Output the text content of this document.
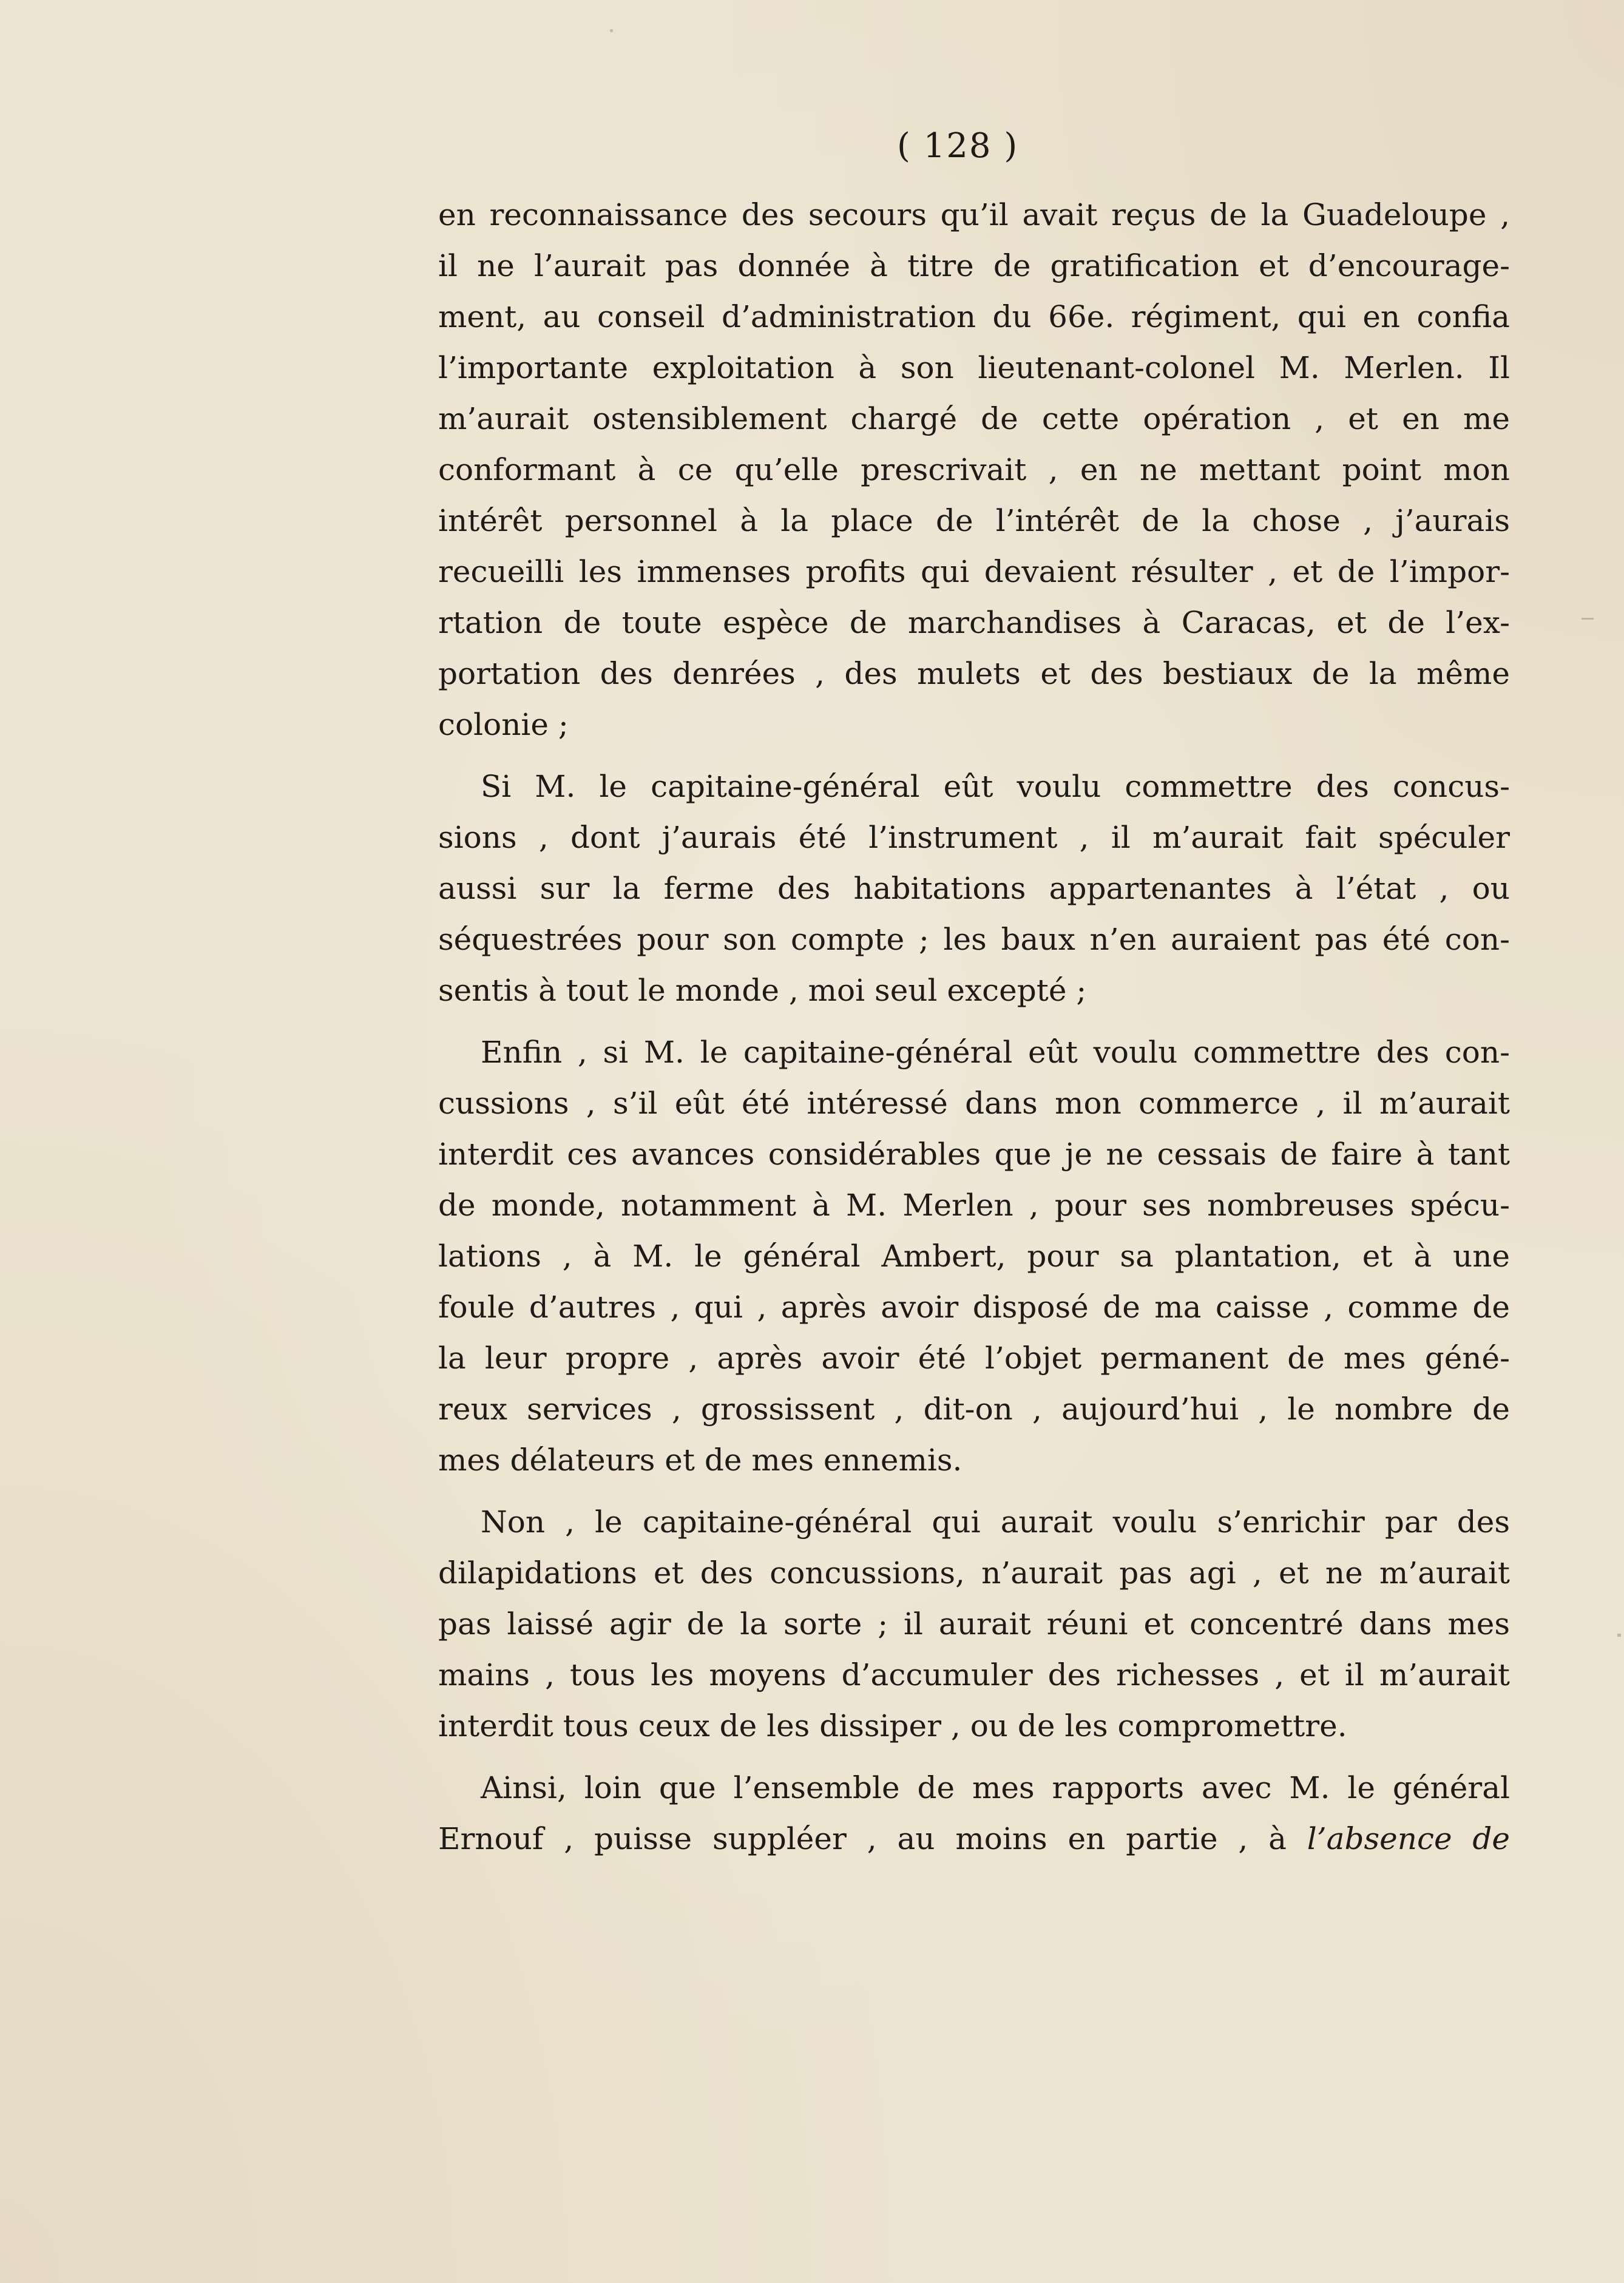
( 128 )
en reconnaissance des secours qu’il avait reçus de la Guadeloupe ,
il ne l’aurait pas donnée à titre de gratification et d’encourage-
ment, au conseil d’administration du 66e. régiment, qui en confia
l’importante exploitation à son lieutenant-colonel M. Merlen. Il
m’aurait ostensiblement chargé de cette opération , et en me
conformant à ce qu’elle prescrivait , en ne mettant point mon
intérêt personnel à la place de l’intérêt de la chose , j’aurais
recueilli les immenses profits qui devaient résulter , et de l’impor-
rtation de toute espèce de marchandises à Caracas, et de l’ex-
portation des denrées , des mulets et des bestiaux de la même
colonie ;
Si M. le capitaine-général eût voulu commettre des concus-
sions , dont j’aurais été l’instrument , il m’aurait fait spéculer
aussi sur la ferme des habitations appartenantes à l’état , ou
séquestrées pour son compte ; les baux n’en auraient pas été con-
sentis à tout le monde , moi seul excepté ;
Enfin , si M. le capitaine-général eût voulu commettre des con-
cussions , s’il eût été intéressé dans mon commerce , il m’aurait
interdit ces avances considérables que je ne cessais de faire à tant
de monde, notamment à M. Merlen , pour ses nombreuses spécu-
lations , à M. le général Ambert, pour sa plantation, et à une
foule d’autres , qui , après avoir disposé de ma caisse , comme de
la leur propre , après avoir été l’objet permanent de mes géné-
reux services , grossissent , dit-on , aujourd’hui , le nombre de
mes délateurs et de mes ennemis.
Non , le capitaine-général qui aurait voulu s’enrichir par des
dilapidations et des concussions, n’aurait pas agi , et ne m’aurait
pas laissé agir de la sorte ; il aurait réuni et concentré dans mes
mains , tous les moyens d’accumuler des richesses , et il m’aurait
interdit tous ceux de les dissiper , ou de les compromettre.
Ainsi, loin que l’ensemble de mes rapports avec M. le général
Ernouf , puisse suppléer , au moins en partie , à l’absence de
